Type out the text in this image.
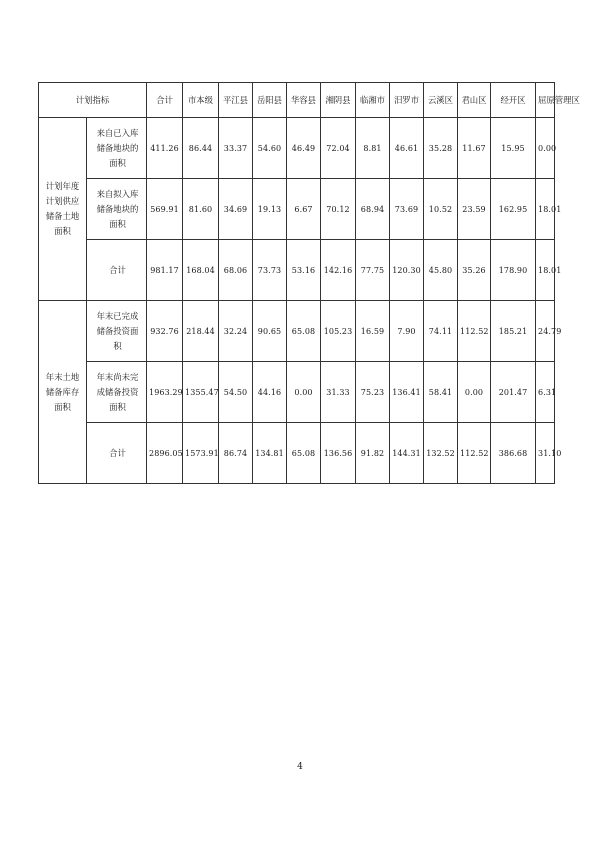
计划指标		合计	市本级	平江县	岳阳县	华容县	湘阴县	临湘市	汨罗市	云溪区	君山区	经开区	屈原管理区
计划年度计划供应储备土地面积	来自已入库储备地块的面积	411.26	86.44	33.37	54.60	46.49	72.04	8.81	46.61	35.28	11.67	15.95	0.00
	来自拟入库储备地块的面积	569.91	81.60	34.69	19.13	6.67	70.12	68.94	73.69	10.52	23.59	162.95	18.01
	合计	981.17	168.04	68.06	73.73	53.16	142.16	77.75	120.30	45.80	35.26	178.90	18.01
年末土地储备库存面积	年末已完成储备投资面积	932.76	218.44	32.24	90.65	65.08	105.23	16.59	7.90	74.11	112.52	185.21	24.79
	年末尚未完成储备投资面积	1963.29	1355.47	54.50	44.16	0.00	31.33	75.23	136.41	58.41	0.00	201.47	6.31
	合计	2896.05	1573.91	86.74	134.81	65.08	136.56	91.82	144.31	132.52	112.52	386.68	31.10
4
